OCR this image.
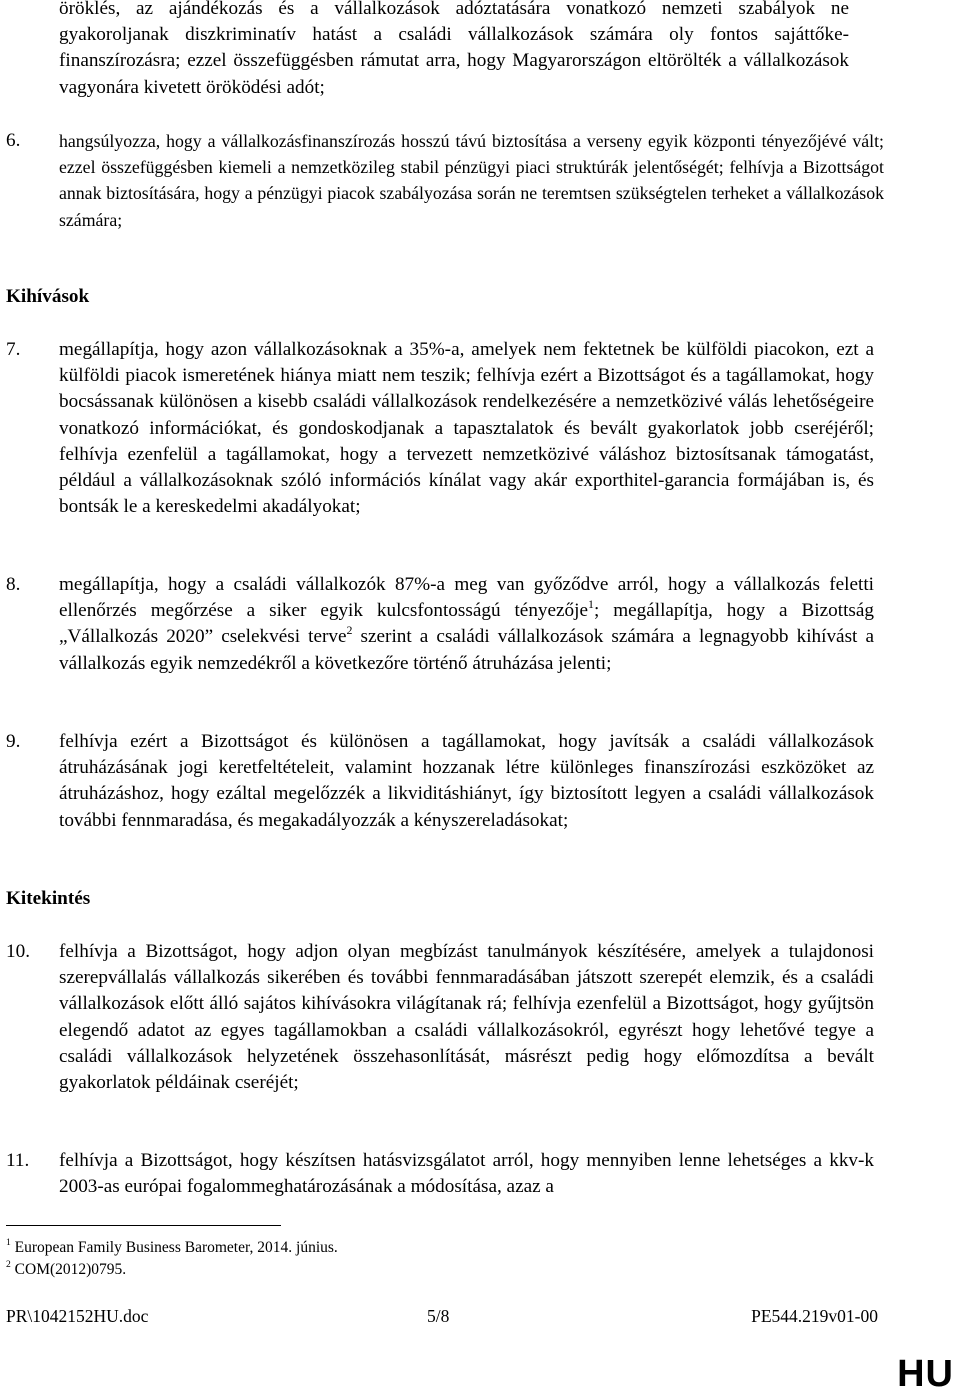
öröklés, az ajándékozás és a vállalkozások adóztatására vonatkozó nemzeti szabályok ne gyakoroljanak diszkriminatív hatást a családi vállalkozások számára oly fontos sajáttőke-finanszírozásra; ezzel összefüggésben rámutat arra, hogy Magyarországon eltörölték a vállalkozások vagyonára kivetett öröködési adót;
6. hangsúlyozza, hogy a vállalkozásfinanszírozás hosszú távú biztosítása a verseny egyik központi tényezőjévé vált; ezzel összefüggésben kiemeli a nemzetközileg stabil pénzügyi piaci struktúrák jelentőségét; felhívja a Bizottságot annak biztosítására, hogy a pénzügyi piacok szabályozása során ne teremtsen szükségtelen terheket a vállalkozások számára;
Kihívások
7. megállapítja, hogy azon vállalkozásoknak a 35%-a, amelyek nem fektetnek be külföldi piacokon, ezt a külföldi piacok ismeretének hiánya miatt nem teszik; felhívja ezért a Bizottságot és a tagállamokat, hogy bocsássanak különösen a kisebb családi vállalkozások rendelkezésére a nemzetközivé válás lehetőségeire vonatkozó információkat, és gondoskodjanak a tapasztalatok és bevált gyakorlatok jobb cseréjéről; felhívja ezenfelül a tagállamokat, hogy a tervezett nemzetközivé váláshoz biztosítsanak támogatást, például a vállalkozásoknak szóló információs kínálat vagy akár exporthitel-garancia formájában is, és bontsák le a kereskedelmi akadályokat;
8. megállapítja, hogy a családi vállalkozók 87%-a meg van győződve arról, hogy a vállalkozás feletti ellenőrzés megőrzése a siker egyik kulcsfontosságú tényezője$^1$; megállapítja, hogy a Bizottság „Vállalkozás 2020” cselekvési terve$^2$ szerint a családi vállalkozások számára a legnagyobb kihívást a vállalkozás egyik nemzedékről a következőre történő átruházása jelenti;
9. felhívja ezért a Bizottságot és különösen a tagállamokat, hogy javítsák a családi vállalkozások átruházásának jogi keretfeltételeit, valamint hozzanak létre különleges finanszírozási eszközöket az átruházáshoz, hogy ezáltal megelőzzék a likviditáshiányt, így biztosított legyen a családi vállalkozások további fennmaradása, és megakadályozzák a kényszereladásokat;
Kitekintés
10. felhívja a Bizottságot, hogy adjon olyan megbízást tanulmányok készítésére, amelyek a tulajdonosi szerepvállalás vállalkozás sikerében és további fennmaradásában játszott szerepét elemzik, és a családi vállalkozások előtt álló sajátos kihívásokra világítanak rá; felhívja ezenfelül a Bizottságot, hogy gyűjtsön elegendő adatot az egyes tagállamokban a családi vállalkozásokról, egyrészt hogy lehetővé tegye a családi vállalkozások helyzetének összehasonlítását, másrészt pedig hogy előmozdítsa a bevált gyakorlatok példáinak cseréjét;
11. felhívja a Bizottságot, hogy készítsen hatásvizsgálatot arról, hogy mennyiben lenne lehetséges a kkv-k 2003-as európai fogalommeghatározásának a módosítása, azaz a
$^1$ European Family Business Barometer, 2014. június.
$^2$ COM(2012)0795.
PR\1042152HU.doc	5/8	PE544.219v01-00
HU
